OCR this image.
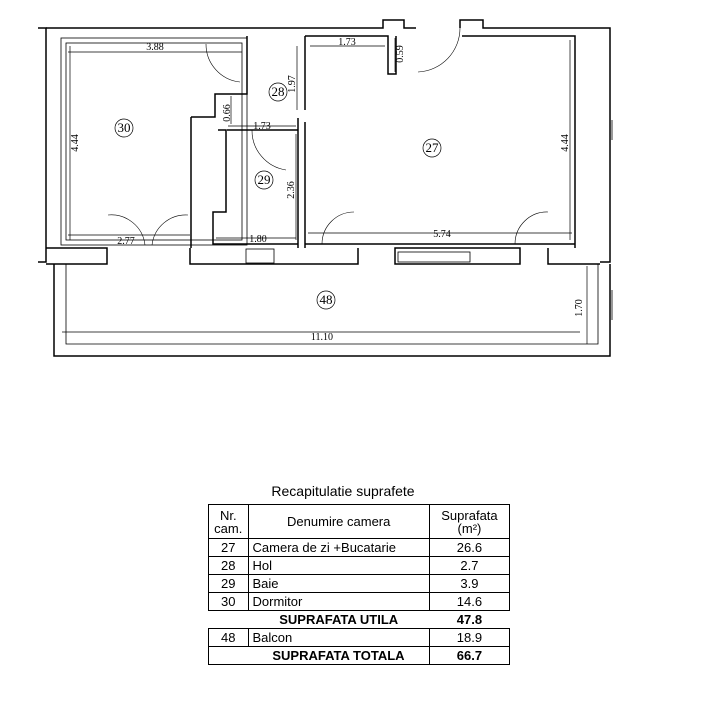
30
28
29
27
48
3.88
4.44
2.77
1.73
1.97
0.66
1.73
2.36
1.80
0.59
4.44
5.74
11.10
1.70
Recapitulatie suprafete
Nr. cam.	Denumire camera	Suprafata (m²)
27	Camera de zi +Bucatarie	26.6
28	Hol	2.7
29	Baie	3.9
30	Dormitor	14.6
	SUPRAFATA UTILA	47.8
48	Balcon	18.9
	SUPRAFATA TOTALA	66.7
